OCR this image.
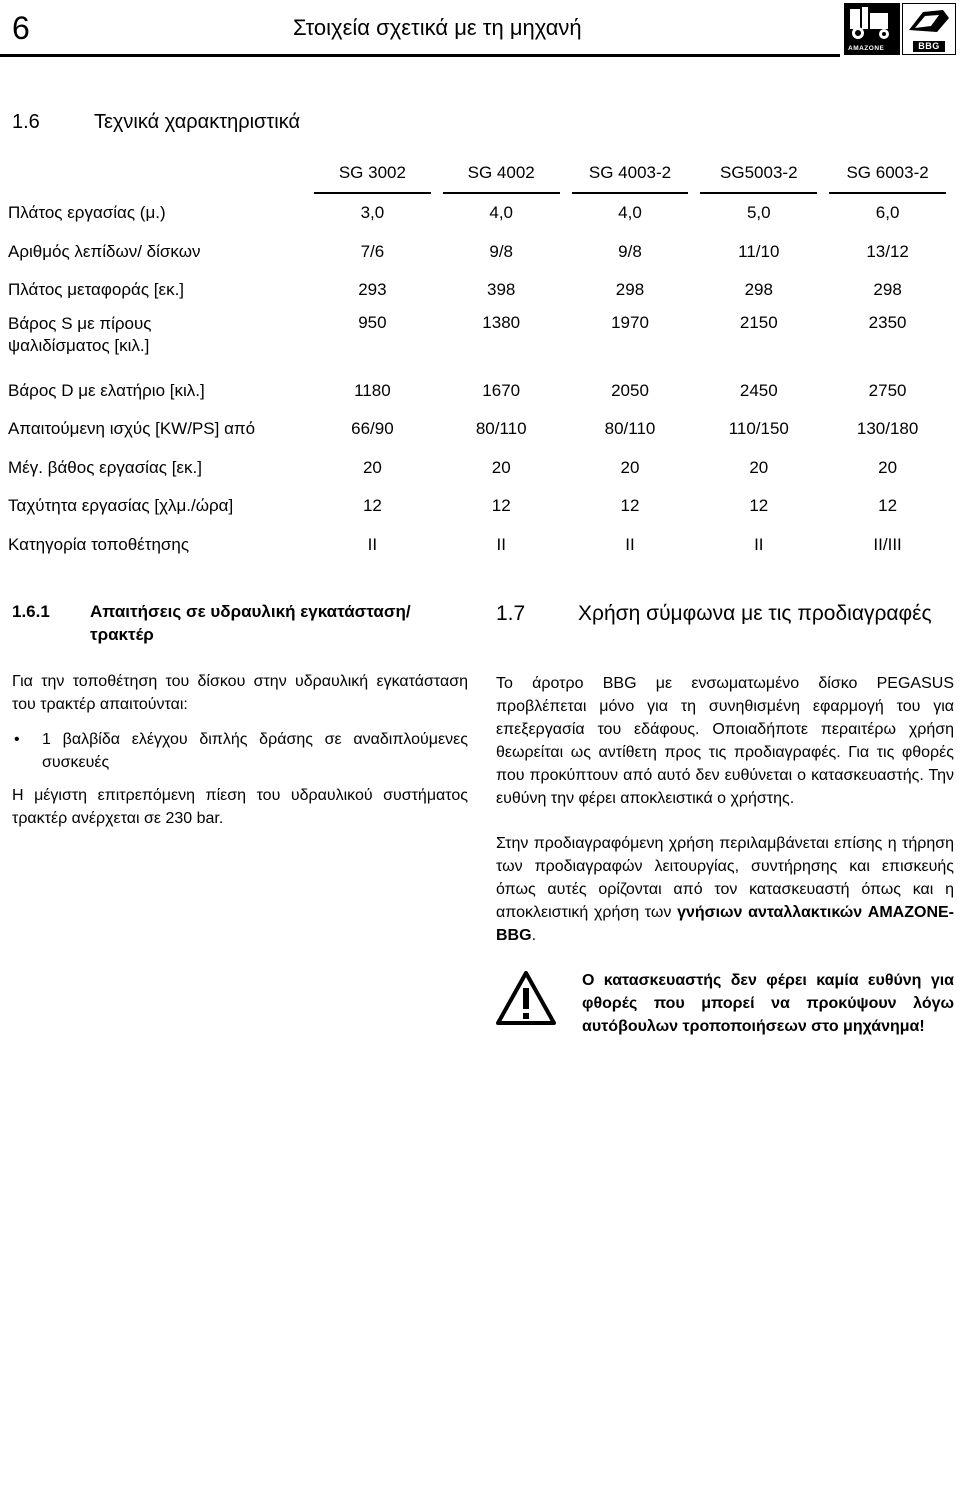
6	Στοιχεία σχετικά με τη μηχανή
AMAZONE	BBG
1.6	Τεχνικά χαρακτηριστικά
	SG 3002	SG 4002	SG 4003-2	SG5003-2	SG 6003-2

Πλάτος εργασίας (μ.)	3,0	4,0	4,0	5,0	6,0
Αριθμός λεπίδων/ δίσκων	7/6	9/8	9/8	11/10	13/12
Πλάτος μεταφοράς [εκ.]	293	398	298	298	298

Βάρος S με πίρους ψαλιδίσματος [κιλ.]	950	1380	1970	2150	2350
Βάρος D με ελατήριο [κιλ.]	1180	1670	2050	2450	2750
Απαιτούμενη ισχύς [KW/PS] από	66/90	80/110	80/110	110/150	130/180
Μέγ. βάθος εργασίας [εκ.]	20	20	20	20	20
Ταχύτητα εργασίας [χλμ./ώρα]	12	12	12	12	12
Κατηγορία τοποθέτησης	II	II	II	II	II/III
1.6.1	Απαιτήσεις σε υδραυλική εγκατάσταση/ τρακτέρ

Για την τοποθέτηση του δίσκου στην υδραυλική εγκατάσταση του τρακτέρ απαιτούνται:

•	1 βαλβίδα ελέγχου διπλής δράσης σε αναδιπλούμενες συσκευές

Η μέγιστη επιτρεπόμενη πίεση του υδραυλικού συστήματος τρακτέρ ανέρχεται σε 230 bar.

1.7	Χρήση σύμφωνα με τις προδιαγραφές

Το άροτρο BBG με ενσωματωμένο δίσκο PEGASUS προβλέπεται μόνο για τη συνηθισμένη εφαρμογή του για επεξεργασία του εδάφους. Οποιαδήποτε περαιτέρω χρήση θεωρείται ως αντίθετη προς τις προδιαγραφές. Για τις φθορές που προκύπτουν από αυτό δεν ευθύνεται ο κατασκευαστής. Την ευθύνη την φέρει αποκλειστικά ο χρήστης.

Στην προδιαγραφόμενη χρήση περιλαμβάνεται επίσης η τήρηση των προδιαγραφών λειτουργίας, συντήρησης και επισκευής όπως αυτές ορίζονται από τον κατασκευαστή όπως και η αποκλειστική χρήση των γνήσιων ανταλλακτικών AMAZONE-BBG.

Ο κατασκευαστής δεν φέρει καμία ευθύνη για φθορές που μπορεί να προκύψουν λόγω αυτόβουλων τροποποιήσεων στο μηχάνημα!
